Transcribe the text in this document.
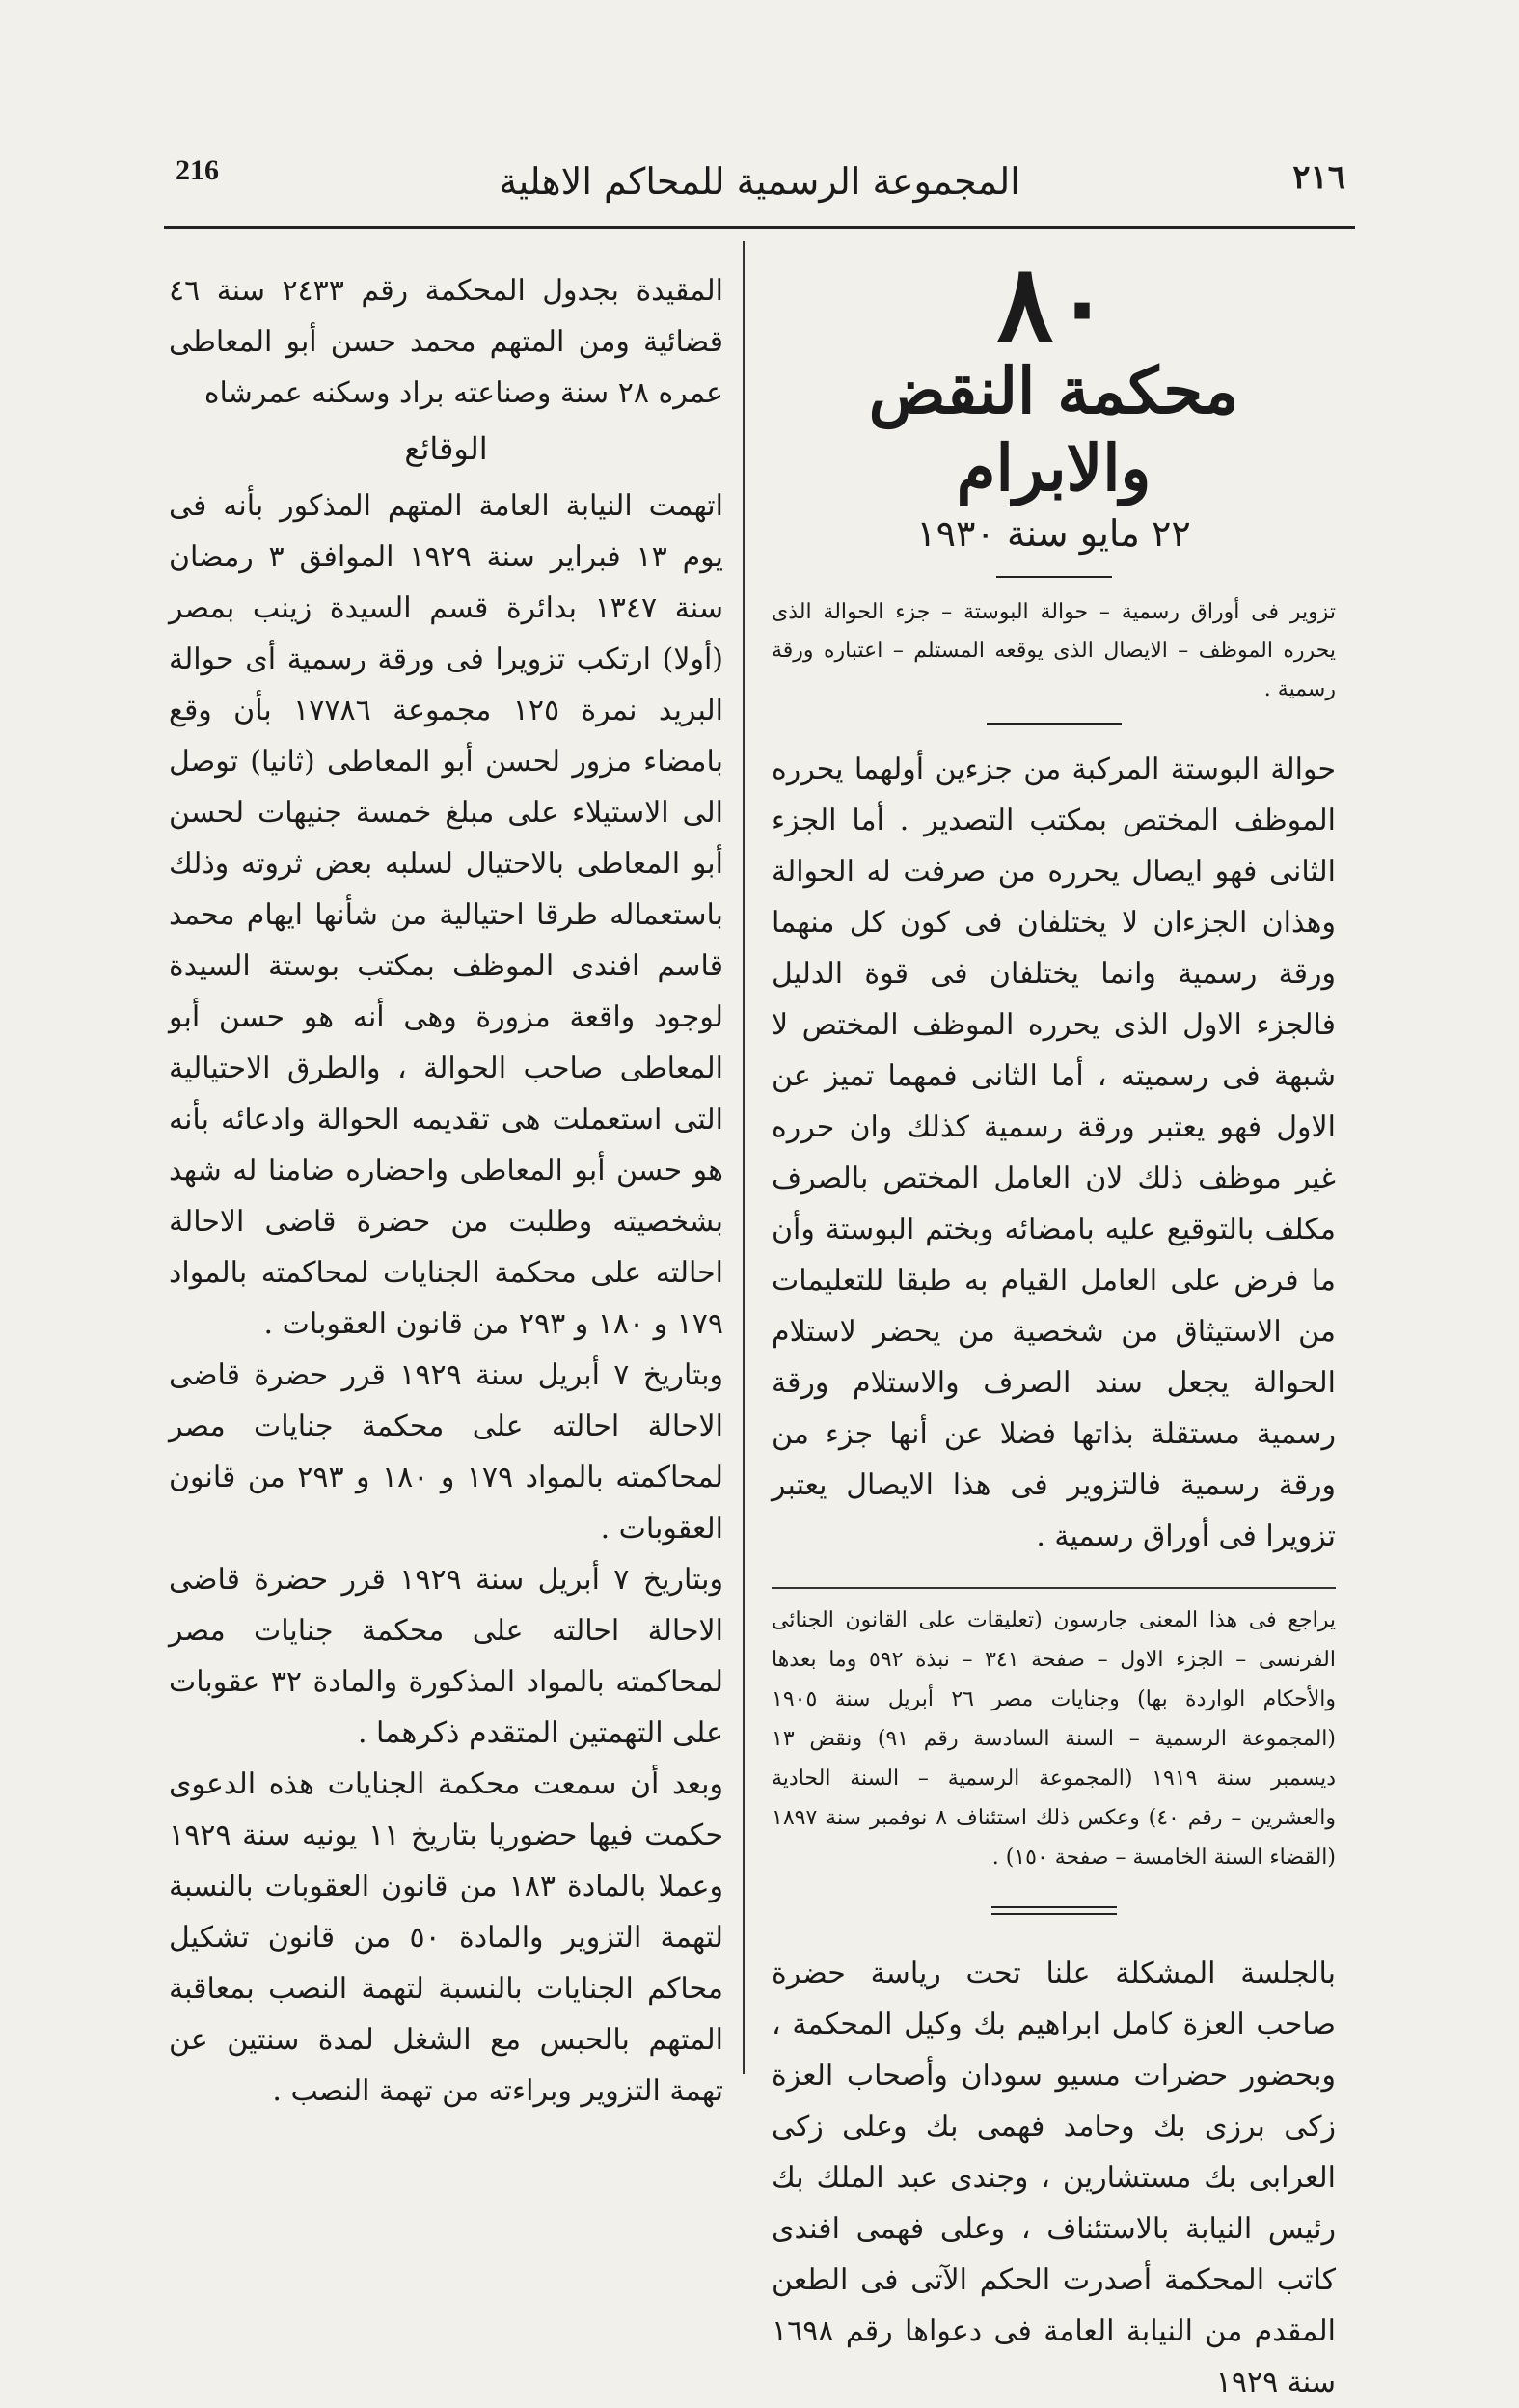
216	المجموعة الرسمية للمحاكم الاهلية	٢١٦

٨٠

محكمة النقض والابرام

٢٢ مايو سنة ١٩٣٠

تزوير فى أوراق رسمية – حوالة البوستة – جزء الحوالة الذى يحرره الموظف – الايصال الذى يوقعه المستلم – اعتباره ورقة رسمية .

حوالة البوستة المركبة من جزءين أولهما يحرره الموظف المختص بمكتب التصدير . أما الجزء الثانى فهو ايصال يحرره من صرفت له الحوالة وهذان الجزءان لا يختلفان فى كون كل منهما ورقة رسمية وانما يختلفان فى قوة الدليل فالجزء الاول الذى يحرره الموظف المختص لا شبهة فى رسميته ، أما الثانى فمهما تميز عن الاول فهو يعتبر ورقة رسمية كذلك وان حرره غير موظف ذلك لان العامل المختص بالصرف مكلف بالتوقيع عليه بامضائه وبختم البوستة وأن ما فرض على العامل القيام به طبقا للتعليمات من الاستيثاق من شخصية من يحضر لاستلام الحوالة يجعل سند الصرف والاستلام ورقة رسمية مستقلة بذاتها فضلا عن أنها جزء من ورقة رسمية فالتزوير فى هذا الايصال يعتبر تزويرا فى أوراق رسمية .

يراجع فى هذا المعنى جارسون (تعليقات على القانون الجنائى الفرنسى – الجزء الاول – صفحة ٣٤١ – نبذة ٥٩٢ وما بعدها والأحكام الواردة بها) وجنايات مصر ٢٦ أبريل سنة ١٩٠٥ (المجموعة الرسمية – السنة السادسة رقم ٩١) ونقض ١٣ ديسمبر سنة ١٩١٩ (المجموعة الرسمية – السنة الحادية والعشرين – رقم ٤٠) وعكس ذلك استئناف ٨ نوفمبر سنة ١٨٩٧ (القضاء السنة الخامسة – صفحة ١٥٠) .

بالجلسة المشكلة علنا تحت رياسة حضرة صاحب العزة كامل ابراهيم بك وكيل المحكمة ، وبحضور حضرات مسيو سودان وأصحاب العزة زكى برزى بك وحامد فهمى بك وعلى زكى العرابى بك مستشارين ، وجندى عبد الملك بك رئيس النيابة بالاستئناف ، وعلى فهمى افندى كاتب المحكمة أصدرت الحكم الآتى فى الطعن المقدم من النيابة العامة فى دعواها رقم ١٦٩٨ سنة ١٩٢٩

المقيدة بجدول المحكمة رقم ٢٤٣٣ سنة ٤٦ قضائية ومن المتهم محمد حسن أبو المعاطى عمره ٢٨ سنة وصناعته براد وسكنه عمرشاه

الوقائع

اتهمت النيابة العامة المتهم المذكور بأنه فى يوم ١٣ فبراير سنة ١٩٢٩ الموافق ٣ رمضان سنة ١٣٤٧ بدائرة قسم السيدة زينب بمصر (أولا) ارتكب تزويرا فى ورقة رسمية أى حوالة البريد نمرة ١٢٥ مجموعة ١٧٧٨٦ بأن وقع بامضاء مزور لحسن أبو المعاطى (ثانيا) توصل الى الاستيلاء على مبلغ خمسة جنيهات لحسن أبو المعاطى بالاحتيال لسلبه بعض ثروته وذلك باستعماله طرقا احتيالية من شأنها ايهام محمد قاسم افندى الموظف بمكتب بوستة السيدة لوجود واقعة مزورة وهى أنه هو حسن أبو المعاطى صاحب الحوالة ، والطرق الاحتيالية التى استعملت هى تقديمه الحوالة وادعائه بأنه هو حسن أبو المعاطى واحضاره ضامنا له شهد بشخصيته وطلبت من حضرة قاضى الاحالة احالته على محكمة الجنايات لمحاكمته بالمواد ١٧٩ و ١٨٠ و ٢٩٣ من قانون العقوبات .

وبتاريخ ٧ أبريل سنة ١٩٢٩ قرر حضرة قاضى الاحالة احالته على محكمة جنايات مصر لمحاكمته بالمواد ١٧٩ و ١٨٠ و ٢٩٣ من قانون العقوبات .

وبتاريخ ٧ أبريل سنة ١٩٢٩ قرر حضرة قاضى الاحالة احالته على محكمة جنايات مصر لمحاكمته بالمواد المذكورة والمادة ٣٢ عقوبات على التهمتين المتقدم ذكرهما .

وبعد أن سمعت محكمة الجنايات هذه الدعوى حكمت فيها حضوريا بتاريخ ١١ يونيه سنة ١٩٢٩ وعملا بالمادة ١٨٣ من قانون العقوبات بالنسبة لتهمة التزوير والمادة ٥٠ من قانون تشكيل محاكم الجنايات بالنسبة لتهمة النصب بمعاقبة المتهم بالحبس مع الشغل لمدة سنتين عن تهمة التزوير وبراءته من تهمة النصب .
